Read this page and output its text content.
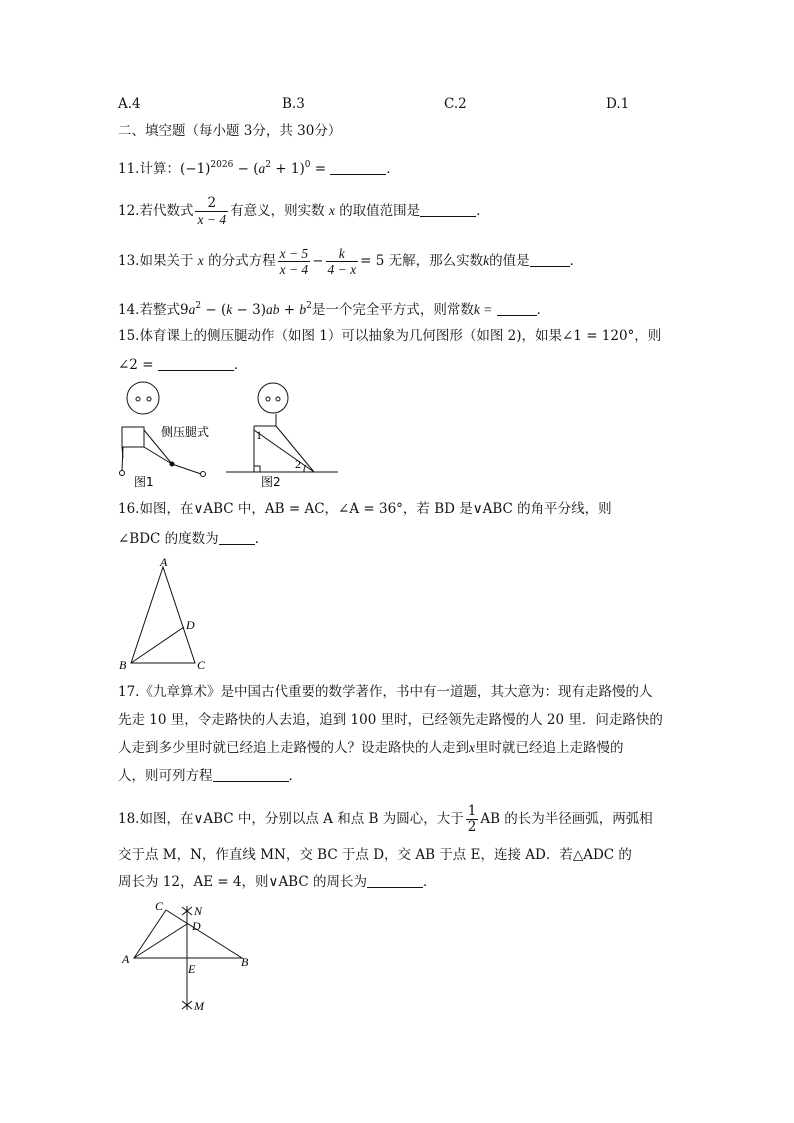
A.4	B.3	C.2	D.1
二、填空题（每小题 3分，共 30分）
11.计算：$(-1)^{2026} - (a^2 + 1)^0$ =	．
12.若代数式 $\frac{2}{x - 4}$ 有意义，则实数 x 的取值范围是	．
13.如果关于 x 的分式方程 $\frac{x - 5}{x - 4} - \frac{k}{4 - x} = 5$ 无解，那么实数k的值是	．
14.若整式$9a^2 - (k - 3)ab + b^2$是一个完全平方式，则常数k =	．
15.体育课上的侧压腿动作（如图 1）可以抽象为几何图形（如图 2)，如果∠1 = 120°，则
∠2 =	．
侧压腿式
图1
1
2
图2
16.如图，在∨ABC 中，AB = AC，∠A = 36°，若 BD 是∨ABC 的角平分线，则
∠BDC 的度数为	．
A
B	C
D
17.《九章算术》是中国古代重要的数学著作，书中有一道题，其大意为：现有走路慢的人
先走 10 里，令走路快的人去追，追到 100 里时，已经领先走路慢的人 20 里．问走路快的
人走到多少里时就已经追上走路慢的人？设走路快的人走到x里时就已经追上走路慢的
人，则可列方程	．
18.如图，在∨ABC 中，分别以点 A 和点 B 为圆心，大于 $\frac{1}{2}$ AB 的长为半径画弧，两弧相
交于点 M，N，作直线 MN，交 BC 于点 D，交 AB 于点 E，连接 AD．若△ADC 的
周长为 12，AE = 4，则∨ABC 的周长为	．
C	N
D
A	B
E
M
